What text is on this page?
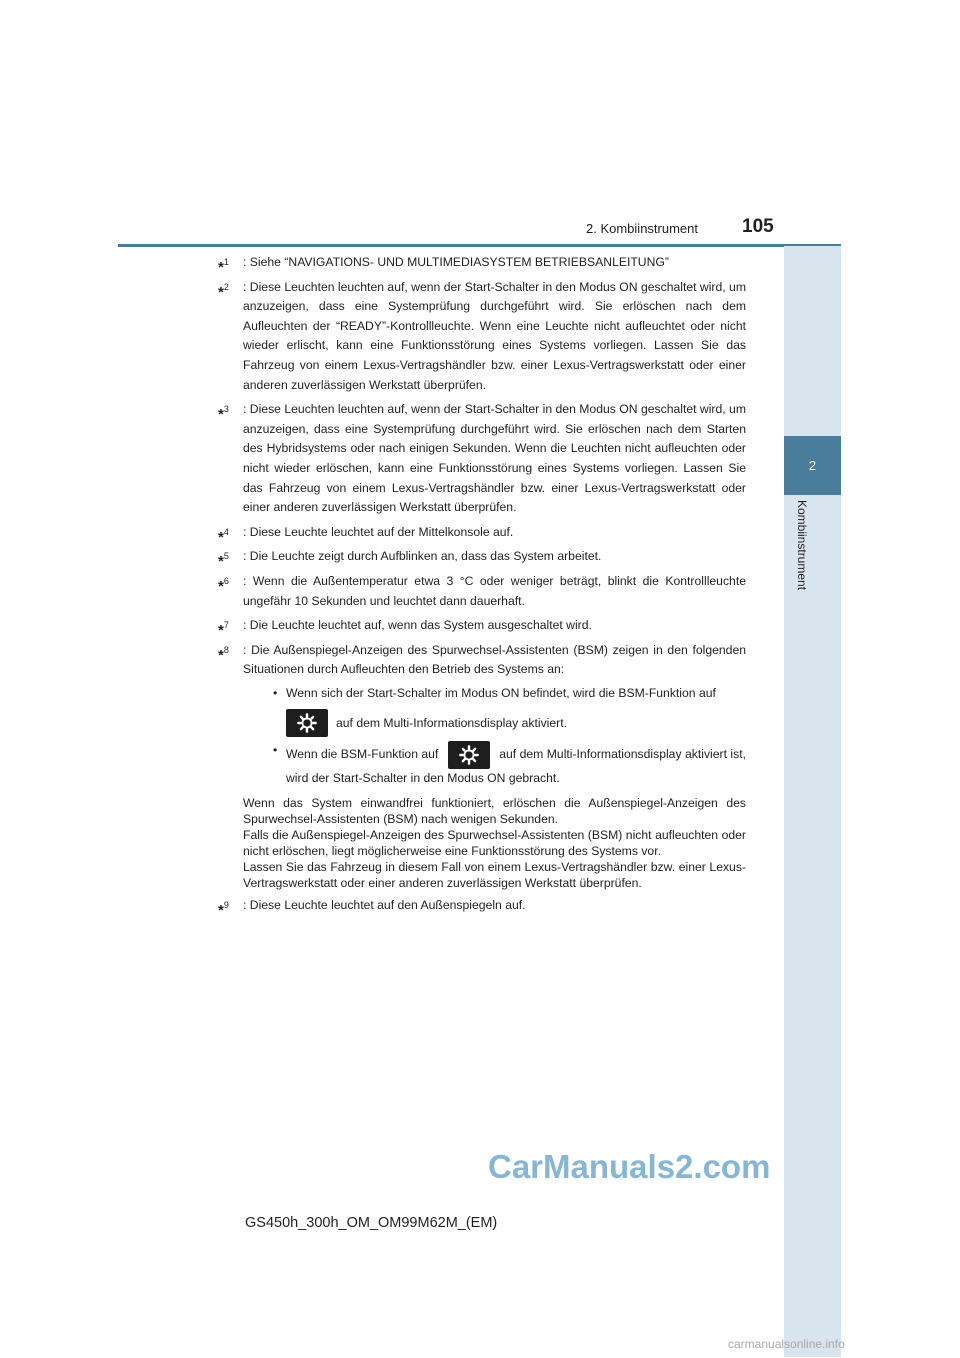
2. Kombiinstrument 105
2
Kombiinstrument
*$^1$ : Siehe “NAVIGATIONS- UND MULTIMEDIASYSTEM BETRIEBSANLEITUNG”
*$^2$ : Diese Leuchten leuchten auf, wenn der Start-Schalter in den Modus ON geschaltet wird, um anzuzeigen, dass eine Systemprüfung durchgeführt wird. Sie erlöschen nach dem Aufleuchten der “READY”-Kontrollleuchte. Wenn eine Leuchte nicht aufleuchtet oder nicht wieder erlischt, kann eine Funktionsstörung eines Systems vorliegen. Lassen Sie das Fahrzeug von einem Lexus-Vertragshändler bzw. einer Lexus-Vertragswerkstatt oder einer anderen zuverlässigen Werkstatt überprüfen.
*$^3$ : Diese Leuchten leuchten auf, wenn der Start-Schalter in den Modus ON geschaltet wird, um anzuzeigen, dass eine Systemprüfung durchgeführt wird. Sie erlöschen nach dem Starten des Hybridsystems oder nach einigen Sekunden. Wenn die Leuchten nicht aufleuchten oder nicht wieder erlöschen, kann eine Funktionsstörung eines Systems vorliegen. Lassen Sie das Fahrzeug von einem Lexus-Vertragshändler bzw. einer Lexus-Vertragswerkstatt oder einer anderen zuverlässigen Werkstatt überprüfen.
*$^4$ : Diese Leuchte leuchtet auf der Mittelkonsole auf.
*$^5$ : Die Leuchte zeigt durch Aufblinken an, dass das System arbeitet.
*$^6$ : Wenn die Außentemperatur etwa 3 °C oder weniger beträgt, blinkt die Kontrollleuchte ungefähr 10 Sekunden und leuchtet dann dauerhaft.
*$^7$ : Die Leuchte leuchtet auf, wenn das System ausgeschaltet wird.
*$^8$ : Die Außenspiegel-Anzeigen des Spurwechsel-Assistenten (BSM) zeigen in den folgenden Situationen durch Aufleuchten den Betrieb des Systems an:
• Wenn sich der Start-Schalter im Modus ON befindet, wird die BSM-Funktion auf
auf dem Multi-Informationsdisplay aktiviert.
• Wenn die BSM-Funktion auf	auf dem Multi-Informationsdisplay aktiviert ist, wird der Start-Schalter in den Modus ON gebracht.
Wenn das System einwandfrei funktioniert, erlöschen die Außenspiegel-Anzeigen des Spurwechsel-Assistenten (BSM) nach wenigen Sekunden.
Falls die Außenspiegel-Anzeigen des Spurwechsel-Assistenten (BSM) nicht aufleuchten oder nicht erlöschen, liegt möglicherweise eine Funktionsstörung des Systems vor.
Lassen Sie das Fahrzeug in diesem Fall von einem Lexus-Vertragshändler bzw. einer Lexus-Vertragswerkstatt oder einer anderen zuverlässigen Werkstatt überprüfen.
*$^9$ : Diese Leuchte leuchtet auf den Außenspiegeln auf.
CarManuals2.com
GS450h_300h_OM_OM99M62M_(EM)
carmanualsonline.info
